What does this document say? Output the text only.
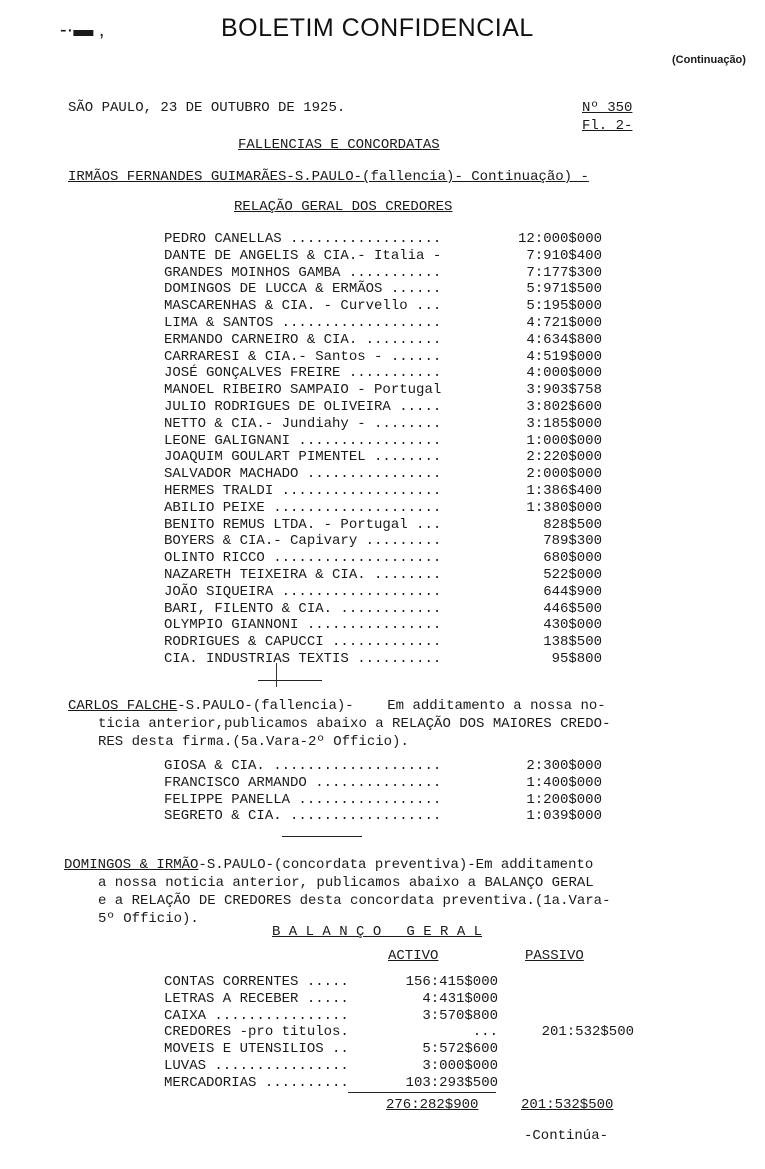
-·▬ ,	BOLETIM CONFIDENCIAL
(Continuação)
SÃO PAULO, 23 DE OUTUBRO DE 1925.	Nº 350
Fl. 2-
FALLENCIAS E CONCORDATAS
IRMÃOS FERNANDES GUIMARÃES-S.PAULO-(fallencia)- Continuação) -
RELAÇÃO GERAL DOS CREDORES
PEDRO CANELLAS ..................	12:000$000
DANTE DE ANGELIS & CIA.- Italia -	7:910$400
GRANDES MOINHOS GAMBA ...........	7:177$300
DOMINGOS DE LUCCA & ERMÃOS ......	5:971$500
MASCARENHAS & CIA. - Curvello ...	5:195$000
LIMA & SANTOS ...................	4:721$000
ERMANDO CARNEIRO & CIA. .........	4:634$800
CARRARESI & CIA.- Santos - ......	4:519$000
JOSÉ GONÇALVES FREIRE ...........	4:000$000
MANOEL RIBEIRO SAMPAIO - Portugal	3:903$758
JULIO RODRIGUES DE OLIVEIRA .....	3:802$600
NETTO & CIA.- Jundiahy - ........	3:185$000
LEONE GALIGNANI .................	1:000$000
JOAQUIM GOULART PIMENTEL ........	2:220$000
SALVADOR MACHADO ................	2:000$000
HERMES TRALDI ...................	1:386$400
ABILIO PEIXE ....................	1:380$000
BENITO REMUS LTDA. - Portugal ...	828$500
BOYERS & CIA.- Capivary .........	789$300
OLINTO RICCO ....................	680$000
NAZARETH TEIXEIRA & CIA. ........	522$000
JOÃO SIQUEIRA ...................	644$900
BARI, FILENTO & CIA. ............	446$500
OLYMPIO GIANNONI ................	430$000
RODRIGUES & CAPUCCI .............	138$500
CIA. INDUSTRIAS TEXTIS ..........	95$800
CARLOS FALCHE-S.PAULO-(fallencia)-    Em additamento a nossa no-
ticia anterior,publicamos abaixo a RELAÇÃO DOS MAIORES CREDO-
RES desta firma.(5a.Vara-2º Officio).
GIOSA & CIA. ....................	2:300$000
FRANCISCO ARMANDO ...............	1:400$000
FELIPPE PANELLA .................	1:200$000
SEGRETO & CIA. ..................	1:039$000
DOMINGOS & IRMÃO-S.PAULO-(concordata preventiva)-Em additamento
a nossa noticia anterior, publicamos abaixo a BALANÇO GERAL
e a RELAÇÃO DE CREDORES desta concordata preventiva.(1a.Vara-
5º Officio).
B A L A N Ç O   G E R A L
ACTIVO	PASSIVO
CONTAS CORRENTES .....	156:415$000
LETRAS A RECEBER .....	4:431$000
CAIXA ................	3:570$800
CREDORES -pro titulos.	...	201:532$500
MOVEIS E UTENSILIOS ..	5:572$600
LUVAS ................	3:000$000
MERCADORIAS ..........	103:293$500
276:282$900	201:532$500
-Continúa-
